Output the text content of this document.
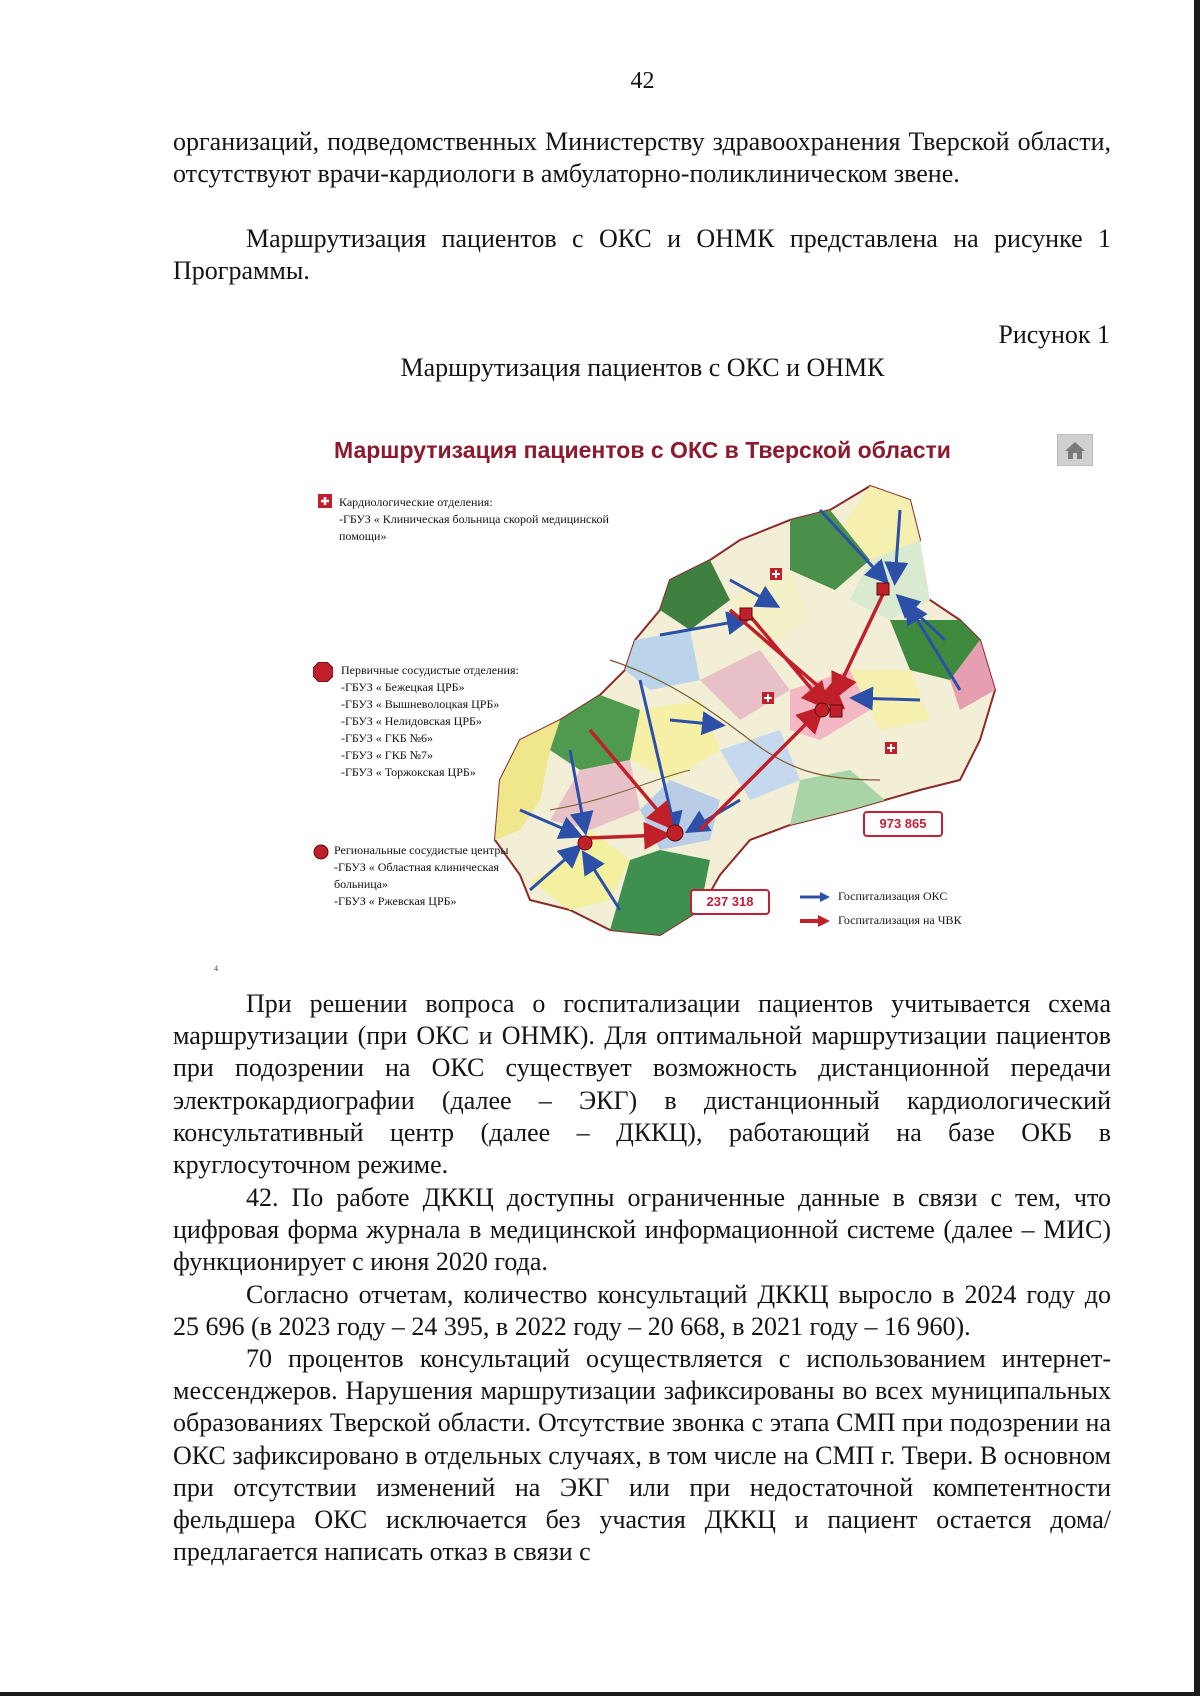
42

организаций, подведомственных Министерству здравоохранения Тверской области, отсутствуют врачи-кардиологи в амбулаторно-поликлиническом звене.

Маршрутизация пациентов с ОКС и ОНМК представлена на рисунке 1 Программы.

Рисунок 1
Маршрутизация пациентов с ОКС и ОНМК
Маршрутизация пациентов с ОКС в Тверской области
Кардиологические отделения:
-ГБУЗ « Клиническая больница скорой медицинской
помощи»
Первичные сосудистые отделения:
-ГБУЗ « Бежецкая ЦРБ»
-ГБУЗ « Вышневолоцкая ЦРБ»
-ГБУЗ « Нелидовская ЦРБ»
-ГБУЗ « ГКБ №6»
-ГБУЗ « ГКБ №7»
-ГБУЗ « Торжокская ЦРБ»
Региональные сосудистые центры
-ГБУЗ « Областная клиническая
больница»
-ГБУЗ « Ржевская ЦРБ»
973 865
237 318	Госпитализация ОКС
Госпитализация на ЧВК
4

При решении вопроса о госпитализации пациентов учитывается схема маршрутизации (при ОКС и ОНМК). Для оптимальной маршрутизации пациентов при подозрении на ОКС существует возможность дистанционной передачи электрокардиографии (далее – ЭКГ) в дистанционный кардиологический консультативный центр (далее – ДККЦ), работающий на базе ОКБ в круглосуточном режиме.

42. По работе ДККЦ доступны ограниченные данные в связи с тем, что цифровая форма журнала в медицинской информационной системе (далее – МИС) функционирует с июня 2020 года.

Согласно отчетам, количество консультаций ДККЦ выросло в 2024 году до 25 696 (в 2023 году – 24 395, в 2022 году – 20 668, в 2021 году – 16 960).

70 процентов консультаций осуществляется с использованием интернет-мессенджеров. Нарушения маршрутизации зафиксированы во всех муниципальных образованиях Тверской области. Отсутствие звонка с этапа СМП при подозрении на ОКС зафиксировано в отдельных случаях, в том числе на СМП г. Твери. В основном при отсутствии изменений на ЭКГ или при недостаточной компетентности фельдшера ОКС исключается без участия ДККЦ и пациент остается дома/предлагается написать отказ в связи с
